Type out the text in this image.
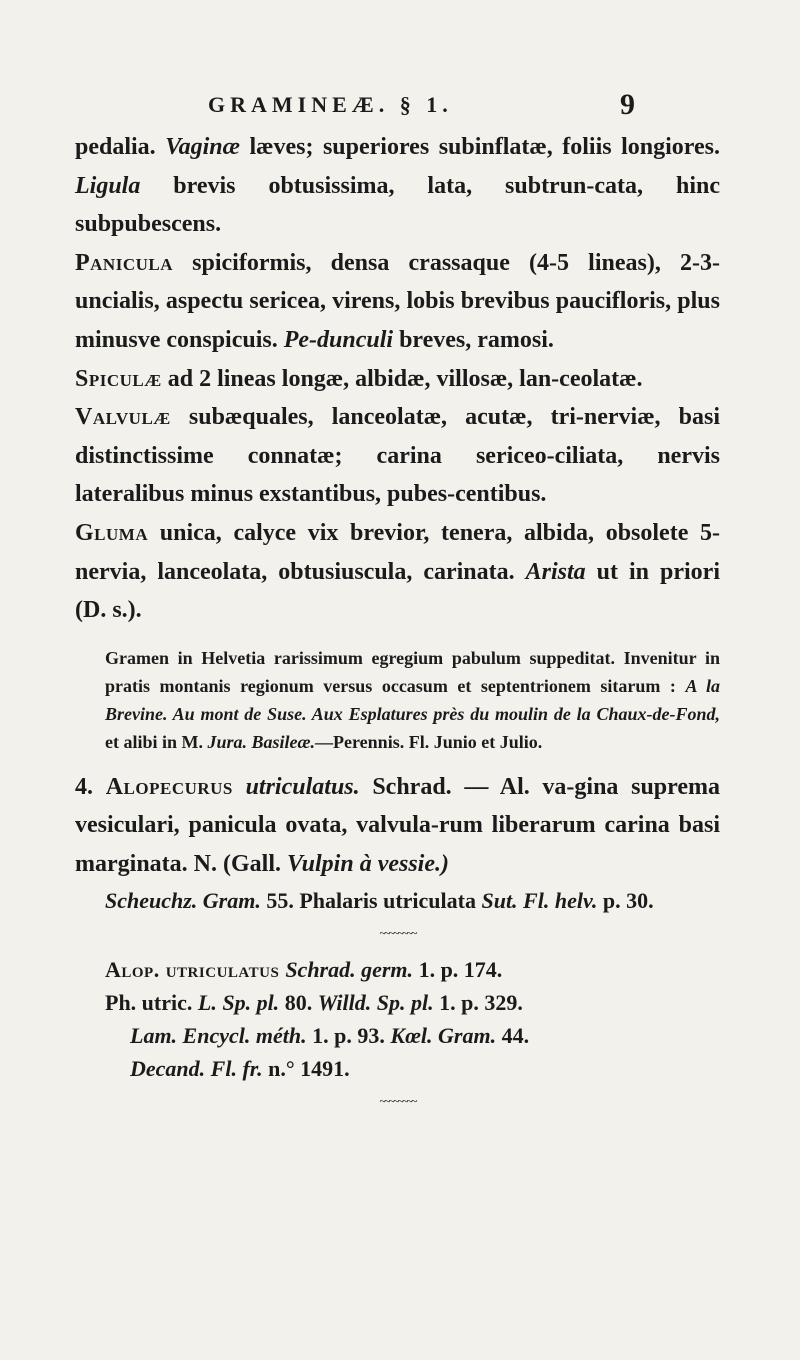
GRAMINEÆ. § 1.	9

pedalia. Vaginæ læves; superiores subinflatæ, foliis longiores. Ligula brevis obtusissima, lata, subtrun-cata, hinc subpubescens.

Panicula spiciformis, densa crassaque (4-5 lineas), 2-3-uncialis, aspectu sericea, virens, lobis brevibus paucifloris, plus minusve conspicuis. Pe-dunculi breves, ramosi.

Spiculæ ad 2 lineas longæ, albidæ, villosæ, lan-ceolatæ.

Valvulæ subæquales, lanceolatæ, acutæ, tri-nerviæ, basi distinctissime connatæ; carina sericeo-ciliata, nervis lateralibus minus exstantibus, pubes-centibus.

Gluma unica, calyce vix brevior, tenera, albida, obsolete 5-nervia, lanceolata, obtusiuscula, carinata. Arista ut in priori (D. s.).

Gramen in Helvetia rarissimum egregium pabulum suppeditat. Invenitur in pratis montanis regionum versus occasum et septentrionem sitarum : A la Brevine. Au mont de Suse. Aux Esplatures près du moulin de la Chaux-de-Fond, et alibi in M. Jura. Basileæ.—Perennis. Fl. Junio et Julio.

4. Alopecurus utriculatus. Schrad. — Al. va-gina suprema vesiculari, panicula ovata, valvula-rum liberarum carina basi marginata. N. (Gall. Vulpin à vessie.)

Scheuchz. Gram. 55. Phalaris utriculata Sut. Fl. helv. p. 30.

~~~~~~~~

Alop. utriculatus Schrad. germ. 1. p. 174.

Ph. utric. L. Sp. pl. 80. Willd. Sp. pl. 1. p. 329.

Lam. Encycl. méth. 1. p. 93. Kœl. Gram. 44.

Decand. Fl. fr. n.° 1491.

~~~~~~~~
